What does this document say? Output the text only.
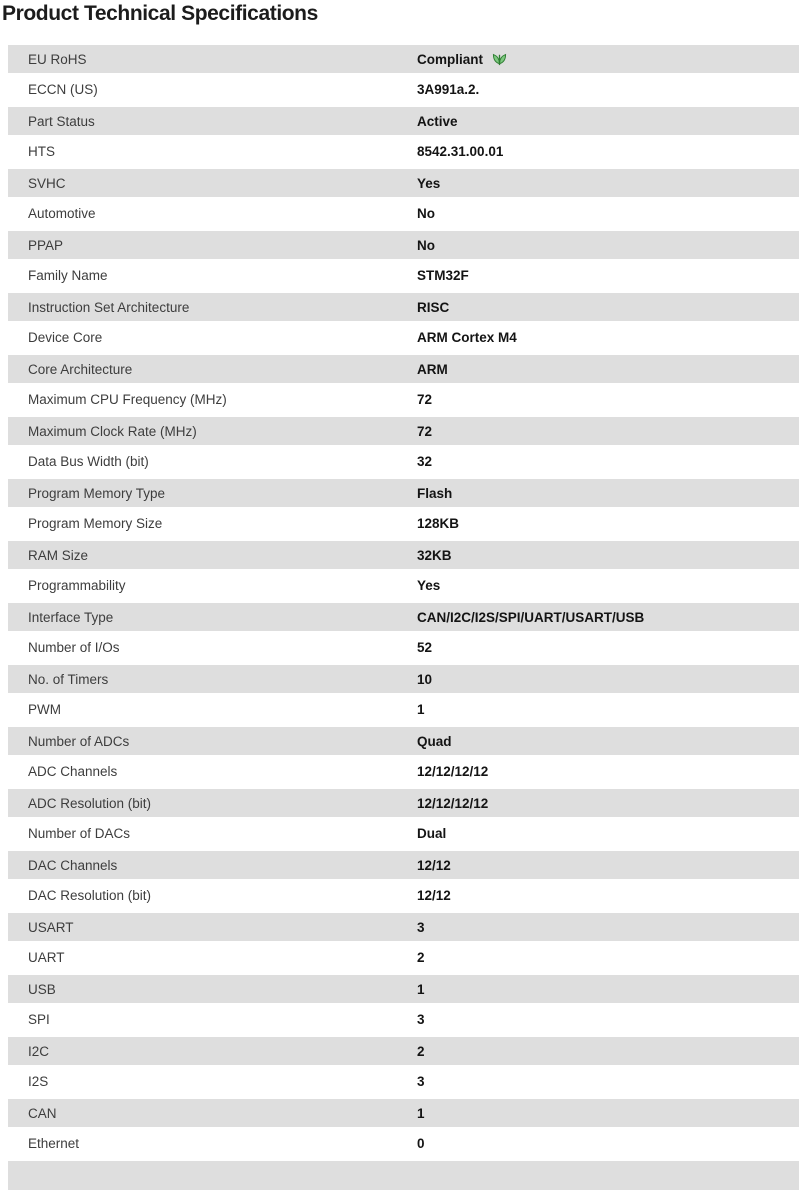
Product Technical Specifications
EU RoHS	Compliant
ECCN (US)	3A991a.2.
Part Status	Active
HTS	8542.31.00.01
SVHC	Yes
Automotive	No
PPAP	No
Family Name	STM32F
Instruction Set Architecture	RISC
Device Core	ARM Cortex M4
Core Architecture	ARM
Maximum CPU Frequency (MHz)	72
Maximum Clock Rate (MHz)	72
Data Bus Width (bit)	32
Program Memory Type	Flash
Program Memory Size	128KB
RAM Size	32KB
Programmability	Yes
Interface Type	CAN/I2C/I2S/SPI/UART/USART/USB
Number of I/Os	52
No. of Timers	10
PWM	1
Number of ADCs	Quad
ADC Channels	12/12/12/12
ADC Resolution (bit)	12/12/12/12
Number of DACs	Dual
DAC Channels	12/12
DAC Resolution (bit)	12/12
USART	3
UART	2
USB	1
SPI	3
I2C	2
I2S	3
CAN	1
Ethernet	0
